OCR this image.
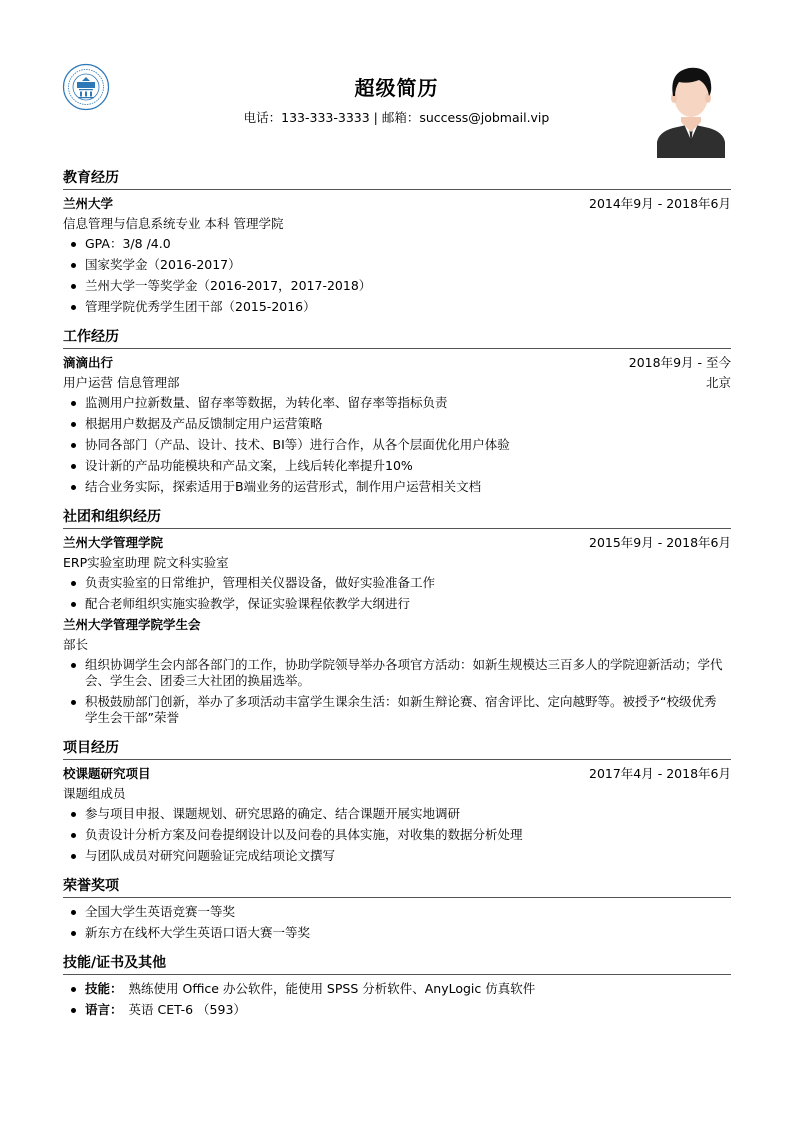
超级简历
电话：133-333-3333 | 邮箱：success@jobmail.vip
教育经历
兰州大学	2014年9月 - 2018年6月
信息管理与信息系统专业 本科 管理学院
GPA：3/8 /4.0
国家奖学金（2016-2017）
兰州大学一等奖学金（2016-2017，2017-2018）
管理学院优秀学生团干部（2015-2016）
工作经历
滴滴出行	2018年9月 - 至今
用户运营 信息管理部	北京
监测用户拉新数量、留存率等数据，为转化率、留存率等指标负责
根据用户数据及产品反馈制定用户运营策略
协同各部门（产品、设计、技术、BI等）进行合作，从各个层面优化用户体验
设计新的产品功能模块和产品文案，上线后转化率提升10%
结合业务实际，探索适用于B端业务的运营形式，制作用户运营相关文档
社团和组织经历
兰州大学管理学院	2015年9月 - 2018年6月
ERP实验室助理 院文科实验室
负责实验室的日常维护，管理相关仪器设备，做好实验准备工作
配合老师组织实施实验教学，保证实验课程依教学大纲进行
兰州大学管理学院学生会
部长
组织协调学生会内部各部门的工作，协助学院领导举办各项官方活动：如新生规模达三百多人的学院迎新活动；学代会、学生会、团委三大社团的换届选举。
积极鼓励部门创新，举办了多项活动丰富学生课余生活：如新生辩论赛、宿舍评比、定向越野等。被授予“校级优秀学生会干部”荣誉
项目经历
校课题研究项目	2017年4月 - 2018年6月
课题组成员
参与项目申报、课题规划、研究思路的确定、结合课题开展实地调研
负责设计分析方案及问卷提纲设计以及问卷的具体实施，对收集的数据分析处理
与团队成员对研究问题验证完成结项论文撰写
荣誉奖项
全国大学生英语竞赛一等奖
新东方在线杯大学生英语口语大赛一等奖
技能/证书及其他
技能： 熟练使用 Office 办公软件，能使用 SPSS 分析软件、AnyLogic 仿真软件
语言： 英语 CET-6 （593）
